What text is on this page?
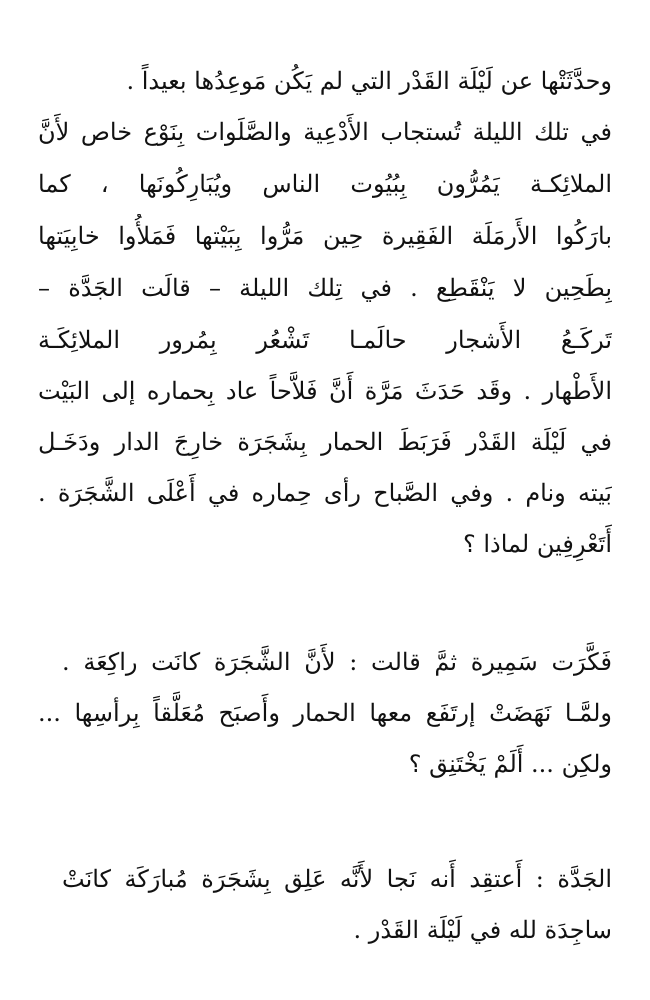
وحدَّثَتْها عن لَيْلَة القَدْر التي لم يَكُن مَوعِدُها بعيداً .
في تلك الليلة تُستجاب الأَدْعِية والصَّلَوات بِنَوْع خاص لأَنَّ
الملائِكـة يَمُرُّون بِبُيُوت الناس ويُبَارِكُونَها ، كما
بارَكُوا الأَرمَلَة الفَقِيرة حِين مَرُّوا بِبَيْتها فَمَلأُوا خابِيَتها
بِطَحِين لا يَنْقَطِع . في تِلك الليلة – قالَت الجَدَّة –
تَركَـعُ الأَشجار حالَمـا تَشْعُر بِمُرور الملائِكَـة
الأَطْهار . وقَد حَدَثَ مَرَّة أَنَّ فَلاَّحاً عاد بِحماره إلى البَيْت
في لَيْلَة القَدْر فَرَبَطَ الحمار بِشَجَرَة خارِجَ الدار ودَخَـل
بَيته ونام . وفي الصَّباح رأى حِماره في أَعْلَى الشَّجَرَة .
أَتَعْرِفِين لماذا ؟
فَكَّرَت سَمِيرة ثمَّ قالت : لأَنَّ الشَّجَرَة كانَت راكِعَة .
ولمَّـا نَهَضَتْ إرتَفَع معها الحمار وأَصبَح مُعَلَّقاً بِرأسِها ...
ولكِن ... أَلَمْ يَخْتَنِق ؟
الجَدَّة : أَعتقِد أَنه نَجا لأَنَّه عَلِق بِشَجَرَة مُبارَكَة كانَتْ
ساجِدَة لله في لَيْلَة القَدْر .
